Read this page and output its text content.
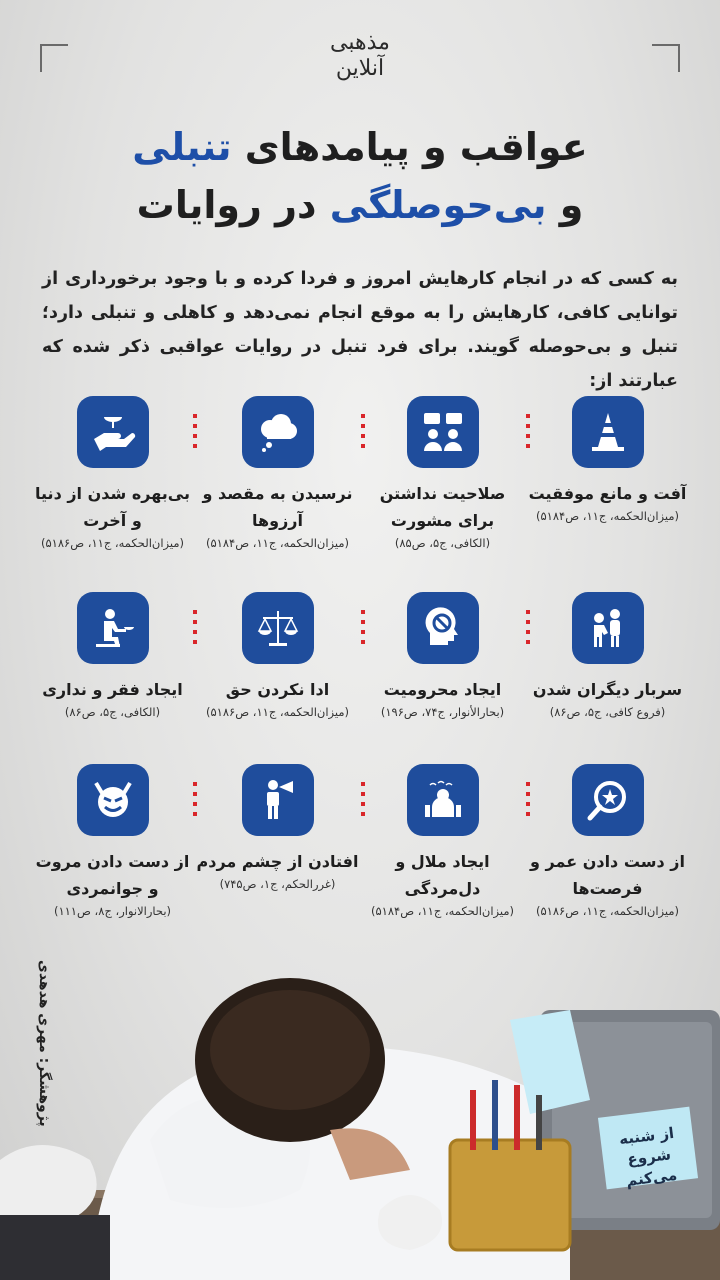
مذهبی
آنلاین
عواقب و پیامدهای تنبلی
و بی‌حوصلگی در روایات
به کسی که در انجام کارهایش امروز و فردا کرده و با وجود برخورداری از توانایی کافی، کارهایش را به موقع انجام نمی‌دهد و کاهلی و تنبلی دارد؛ تنبل و بی‌حوصله گویند. برای فرد تنبل در روایات عواقبی ذکر شده که عبارتند از:
آفت و مانع موفقیت
(میزان‌الحکمه، ج۱۱، ص۵۱۸۴)
صلاحیت نداشتن برای مشورت
(الکافی، ج۵، ص۸۵)
نرسیدن به مقصد و آرزوها
(میزان‌الحکمه، ج۱۱، ص۵۱۸۴)
بی‌بهره شدن از دنیا و آخرت
(میزان‌الحکمه، ج۱۱، ص۵۱۸۶)
سربار دیگران شدن
(فروع کافی، ج۵، ص۸۶)
ایجاد محرومیت
(بحارالأنوار، ج۷۴، ص۱۹۶)
ادا نکردن حق
(میزان‌الحکمه، ج۱۱، ص۵۱۸۶)
ایجاد فقر و نداری
(الکافی، ج۵، ص۸۶)
از دست دادن عمر و فرصت‌ها
(میزان‌الحکمه، ج۱۱، ص۵۱۸۶)
ایجاد ملال و دل‌مردگی
(میزان‌الحکمه، ج۱۱، ص۵۱۸۴)
افتادن از چشم مردم
(غررالحکم، ج۱، ص۷۴۵)
از دست دادن مروت و جوانمردی
(بحارالانوار، ج۸، ص۱۱۱)
پژوهشگر: مهری هدهدی
از شنبه شروع می‌کنم
